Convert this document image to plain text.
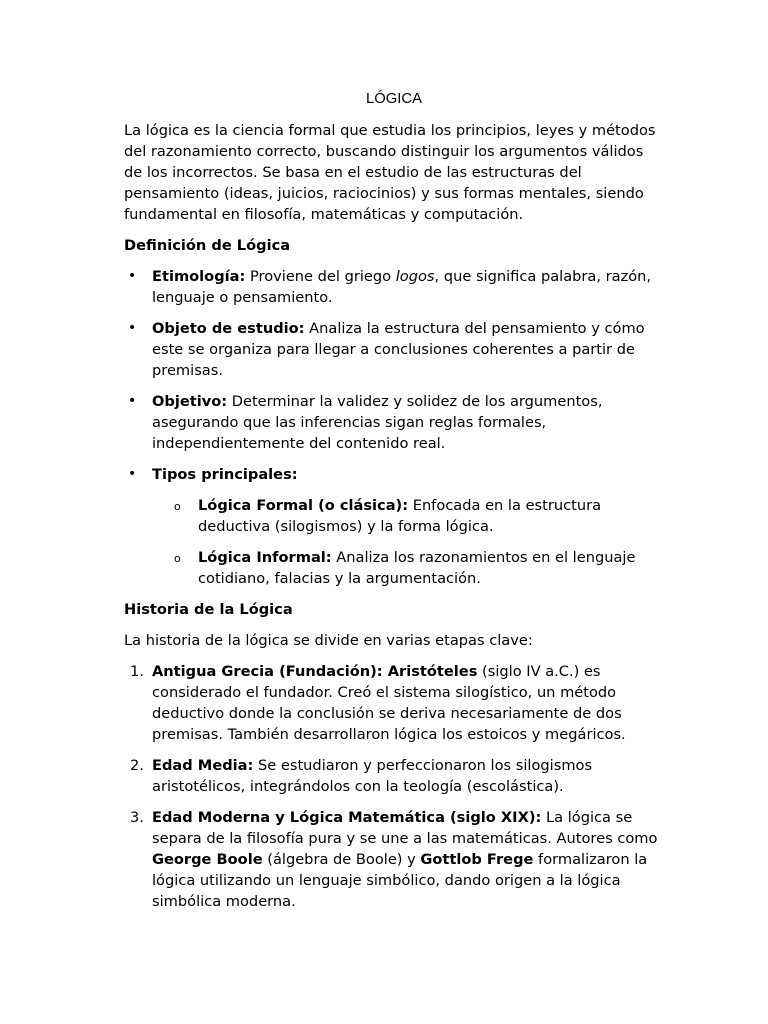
LÓGICA

La lógica es la ciencia formal que estudia los principios, leyes y métodos del razonamiento correcto, buscando distinguir los argumentos válidos de los incorrectos. Se basa en el estudio de las estructuras del pensamiento (ideas, juicios, raciocinios) y sus formas mentales, siendo fundamental en filosofía, matemáticas y computación.

Definición de Lógica
• Etimología: Proviene del griego logos, que significa palabra, razón, lenguaje o pensamiento.
• Objeto de estudio: Analiza la estructura del pensamiento y cómo este se organiza para llegar a conclusiones coherentes a partir de premisas.
• Objetivo: Determinar la validez y solidez de los argumentos, asegurando que las inferencias sigan reglas formales, independientemente del contenido real.
• Tipos principales:
o Lógica Formal (o clásica): Enfocada en la estructura deductiva (silogismos) y la forma lógica.
o Lógica Informal: Analiza los razonamientos en el lenguaje cotidiano, falacias y la argumentación.
Historia de la Lógica

La historia de la lógica se divide en varias etapas clave:

1. Antigua Grecia (Fundación): Aristóteles (siglo IV a.C.) es considerado el fundador. Creó el sistema silogístico, un método deductivo donde la conclusión se deriva necesariamente de dos premisas. También desarrollaron lógica los estoicos y megáricos.
2. Edad Media: Se estudiaron y perfeccionaron los silogismos aristotélicos, integrándolos con la teología (escolástica).
3. Edad Moderna y Lógica Matemática (siglo XIX): La lógica se separa de la filosofía pura y se une a las matemáticas. Autores como George Boole (álgebra de Boole) y Gottlob Frege formalizaron la lógica utilizando un lenguaje simbólico, dando origen a la lógica simbólica moderna.
